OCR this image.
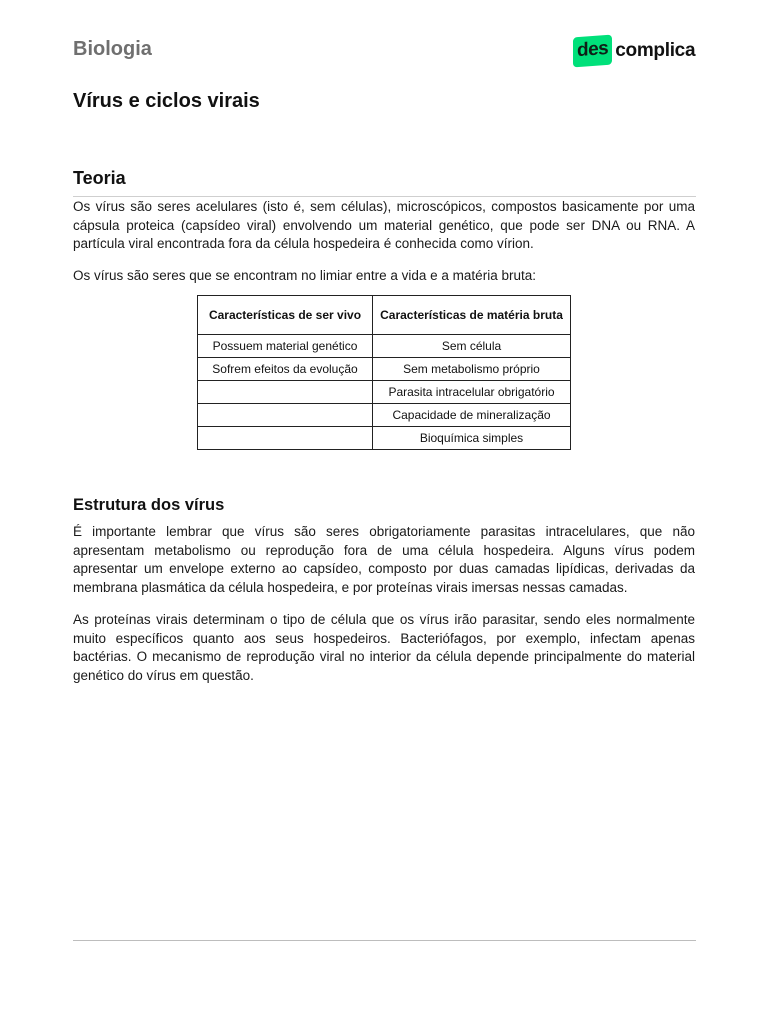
Biologia	des complica
Vírus e ciclos virais
Teoria

Os vírus são seres acelulares (isto é, sem células), microscópicos, compostos basicamente por uma cápsula proteica (capsídeo viral) envolvendo um material genético, que pode ser DNA ou RNA. A partícula viral encontrada fora da célula hospedeira é conhecida como vírion.

Os vírus são seres que se encontram no limiar entre a vida e a matéria bruta:

Características de ser vivo	Características de matéria bruta
Possuem material genético	Sem célula
Sofrem efeitos da evolução	Sem metabolismo próprio
	Parasita intracelular obrigatório
	Capacidade de mineralização
	Bioquímica simples
Estrutura dos vírus

É importante lembrar que vírus são seres obrigatoriamente parasitas intracelulares, que não apresentam metabolismo ou reprodução fora de uma célula hospedeira. Alguns vírus podem apresentar um envelope externo ao capsídeo, composto por duas camadas lipídicas, derivadas da membrana plasmática da célula hospedeira, e por proteínas virais imersas nessas camadas.

As proteínas virais determinam o tipo de célula que os vírus irão parasitar, sendo eles normalmente muito específicos quanto aos seus hospedeiros. Bacteriófagos, por exemplo, infectam apenas bactérias. O mecanismo de reprodução viral no interior da célula depende principalmente do material genético do vírus em questão.
